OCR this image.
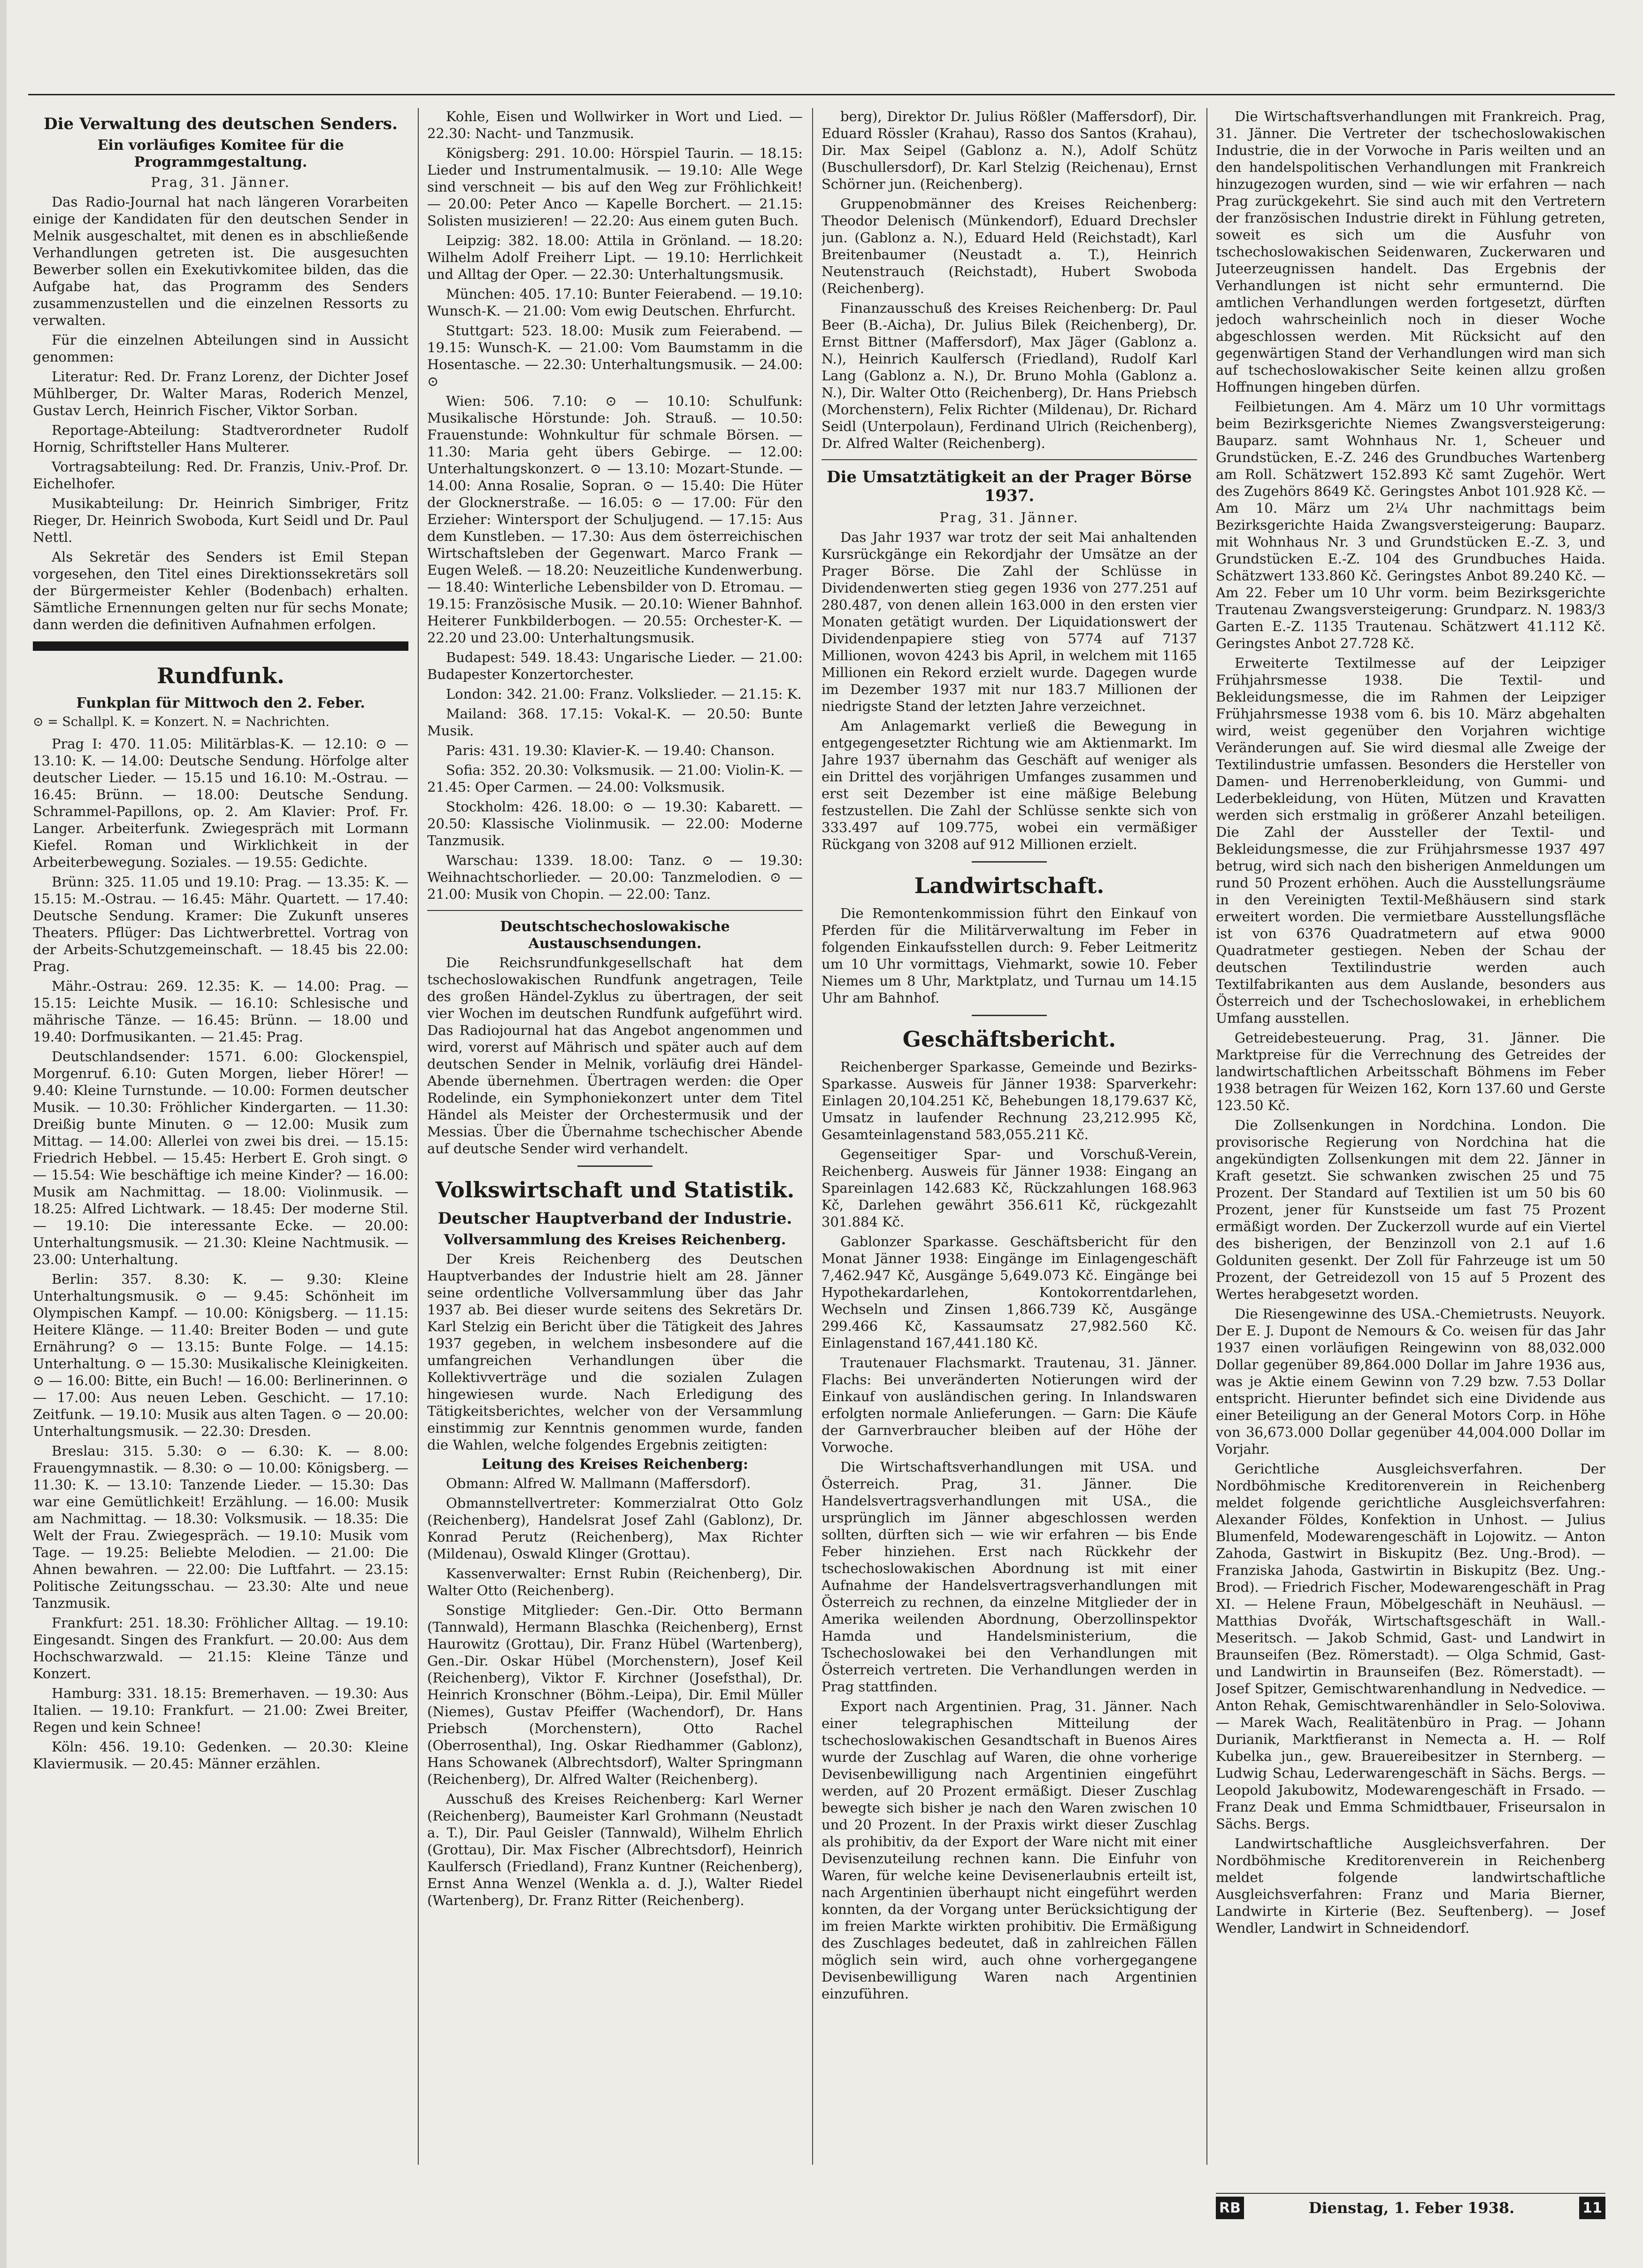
Die Verwaltung des deutschen Senders.
Ein vorläufiges Komitee für die Programmgestaltung.
Prag, 31. Jänner.

Das Radio-Journal hat nach längeren Vorarbeiten einige der Kandidaten für den deutschen Sender in Melnik ausgeschaltet, mit denen es in abschließende Verhandlungen getreten ist. Die ausgesuchten Bewerber sollen ein Exekutivkomitee bilden, das die Aufgabe hat, das Programm des Senders zusammenzustellen und die einzelnen Ressorts zu verwalten.

Für die einzelnen Abteilungen sind in Aussicht genommen:

Literatur: Red. Dr. Franz Lorenz, der Dichter Josef Mühlberger, Dr. Walter Maras, Roderich Menzel, Gustav Lerch, Heinrich Fischer, Viktor Sorban.

Reportage-Abteilung: Stadtverordneter Rudolf Hornig, Schriftsteller Hans Multerer.

Vortragsabteilung: Red. Dr. Franzis, Univ.-Prof. Dr. Eichelhofer.

Musikabteilung: Dr. Heinrich Simbriger, Fritz Rieger, Dr. Heinrich Swoboda, Kurt Seidl und Dr. Paul Nettl.

Als Sekretär des Senders ist Emil Stepan vorgesehen, den Titel eines Direktionssekretärs soll der Bürgermeister Kehler (Bodenbach) erhalten. Sämtliche Ernennungen gelten nur für sechs Monate; dann werden die definitiven Aufnahmen erfolgen.

Rundfunk.
Funkplan für Mittwoch den 2. Feber.
⊙ = Schallpl. K. = Konzert. N. = Nachrichten.

Prag I: 470. 11.05: Militärblas-K. — 12.10: ⊙ — 13.10: K. — 14.00: Deutsche Sendung. Hörfolge alter deutscher Lieder. — 15.15 und 16.10: M.-Ostrau. — 16.45: Brünn. — 18.00: Deutsche Sendung. Schrammel-Papillons, op. 2. Am Klavier: Prof. Fr. Langer. Arbeiterfunk. Zwiegespräch mit Lormann Kiefel. Roman und Wirklichkeit in der Arbeiterbewegung. Soziales. — 19.55: Gedichte.

Brünn: 325. 11.05 und 19.10: Prag. — 13.35: K. — 15.15: M.-Ostrau. — 16.45: Mähr. Quartett. — 17.40: Deutsche Sendung. Kramer: Die Zukunft unseres Theaters. Pflüger: Das Lichtwerbrettel. Vortrag von der Arbeits-Schutzgemeinschaft. — 18.45 bis 22.00: Prag.

Mähr.-Ostrau: 269. 12.35: K. — 14.00: Prag. — 15.15: Leichte Musik. — 16.10: Schlesische und mährische Tänze. — 16.45: Brünn. — 18.00 und 19.40: Dorfmusikanten. — 21.45: Prag.

Deutschlandsender: 1571. 6.00: Glockenspiel, Morgenruf. 6.10: Guten Morgen, lieber Hörer! — 9.40: Kleine Turnstunde. — 10.00: Formen deutscher Musik. — 10.30: Fröhlicher Kindergarten. — 11.30: Dreißig bunte Minuten. ⊙ — 12.00: Musik zum Mittag. — 14.00: Allerlei von zwei bis drei. — 15.15: Friedrich Hebbel. — 15.45: Herbert E. Groh singt. ⊙ — 15.54: Wie beschäftige ich meine Kinder? — 16.00: Musik am Nachmittag. — 18.00: Violinmusik. — 18.25: Alfred Lichtwark. — 18.45: Der moderne Stil. — 19.10: Die interessante Ecke. — 20.00: Unterhaltungsmusik. — 21.30: Kleine Nachtmusik. — 23.00: Unterhaltung.

Berlin: 357. 8.30: K. — 9.30: Kleine Unterhaltungsmusik. ⊙ — 9.45: Schönheit im Olympischen Kampf. — 10.00: Königsberg. — 11.15: Heitere Klänge. — 11.40: Breiter Boden — und gute Ernährung? ⊙ — 13.15: Bunte Folge. — 14.15: Unterhaltung. ⊙ — 15.30: Musikalische Kleinigkeiten. ⊙ — 16.00: Bitte, ein Buch! — 16.00: Berlinerinnen. ⊙ — 17.00: Aus neuen Leben. Geschicht. — 17.10: Zeitfunk. — 19.10: Musik aus alten Tagen. ⊙ — 20.00: Unterhaltungsmusik. — 22.30: Dresden.

Breslau: 315. 5.30: ⊙ — 6.30: K. — 8.00: Frauengymnastik. — 8.30: ⊙ — 10.00: Königsberg. — 11.30: K. — 13.10: Tanzende Lieder. — 15.30: Das war eine Gemütlichkeit! Erzählung. — 16.00: Musik am Nachmittag. — 18.30: Volksmusik. — 18.35: Die Welt der Frau. Zwiegespräch. — 19.10: Musik vom Tage. — 19.25: Beliebte Melodien. — 21.00: Die Ahnen bewahren. — 22.00: Die Luftfahrt. — 23.15: Politische Zeitungsschau. — 23.30: Alte und neue Tanzmusik.

Frankfurt: 251. 18.30: Fröhlicher Alltag. — 19.10: Eingesandt. Singen des Frankfurt. — 20.00: Aus dem Hochschwarzwald. — 21.15: Kleine Tänze und Konzert.

Hamburg: 331. 18.15: Bremerhaven. — 19.30: Aus Italien. — 19.10: Frankfurt. — 21.00: Zwei Breiter, Regen und kein Schnee!

Köln: 456. 19.10: Gedenken. — 20.30: Kleine Klaviermusik. — 20.45: Männer erzählen.

Kohle, Eisen und Wollwirker in Wort und Lied. — 22.30: Nacht- und Tanzmusik.

Königsberg: 291. 10.00: Hörspiel Taurin. — 18.15: Lieder und Instrumentalmusik. — 19.10: Alle Wege sind verschneit — bis auf den Weg zur Fröhlichkeit! — 20.00: Peter Anco — Kapelle Borchert. — 21.15: Solisten musizieren! — 22.20: Aus einem guten Buch.

Leipzig: 382. 18.00: Attila in Grönland. — 18.20: Wilhelm Adolf Freiherr Lipt. — 19.10: Herrlichkeit und Alltag der Oper. — 22.30: Unterhaltungsmusik.

München: 405. 17.10: Bunter Feierabend. — 19.10: Wunsch-K. — 21.00: Vom ewig Deutschen. Ehrfurcht.

Stuttgart: 523. 18.00: Musik zum Feierabend. — 19.15: Wunsch-K. — 21.00: Vom Baumstamm in die Hosentasche. — 22.30: Unterhaltungsmusik. — 24.00: ⊙

Wien: 506. 7.10: ⊙ — 10.10: Schulfunk: Musikalische Hörstunde: Joh. Strauß. — 10.50: Frauenstunde: Wohnkultur für schmale Börsen. — 11.30: Maria geht übers Gebirge. — 12.00: Unterhaltungskonzert. ⊙ — 13.10: Mozart-Stunde. — 14.00: Anna Rosalie, Sopran. ⊙ — 15.40: Die Hüter der Glocknerstraße. — 16.05: ⊙ — 17.00: Für den Erzieher: Wintersport der Schuljugend. — 17.15: Aus dem Kunstleben. — 17.30: Aus dem österreichischen Wirtschaftsleben der Gegenwart. Marco Frank — Eugen Weleß. — 18.20: Neuzeitliche Kundenwerbung. — 18.40: Winterliche Lebensbilder von D. Etromau. — 19.15: Französische Musik. — 20.10: Wiener Bahnhof. Heiterer Funkbilderbogen. — 20.55: Orchester-K. — 22.20 und 23.00: Unterhaltungsmusik.

Budapest: 549. 18.43: Ungarische Lieder. — 21.00: Budapester Konzertorchester.

London: 342. 21.00: Franz. Volkslieder. — 21.15: K.

Mailand: 368. 17.15: Vokal-K. — 20.50: Bunte Musik.

Paris: 431. 19.30: Klavier-K. — 19.40: Chanson.

Sofia: 352. 20.30: Volksmusik. — 21.00: Violin-K. — 21.45: Oper Carmen. — 24.00: Volksmusik.

Stockholm: 426. 18.00: ⊙ — 19.30: Kabarett. — 20.50: Klassische Violinmusik. — 22.00: Moderne Tanzmusik.

Warschau: 1339. 18.00: Tanz. ⊙ — 19.30: Weihnachtschorlieder. — 20.00: Tanzmelodien. ⊙ — 21.00: Musik von Chopin. — 22.00: Tanz.

Deutschtschechoslowakische Austauschsendungen.

Die Reichsrundfunkgesellschaft hat dem tschechoslowakischen Rundfunk angetragen, Teile des großen Händel-Zyklus zu übertragen, der seit vier Wochen im deutschen Rundfunk aufgeführt wird. Das Radiojournal hat das Angebot angenommen und wird, vorerst auf Mährisch und später auch auf dem deutschen Sender in Melnik, vorläufig drei Händel-Abende übernehmen. Übertragen werden: die Oper Rodelinde, ein Symphoniekonzert unter dem Titel Händel als Meister der Orchestermusik und der Messias. Über die Übernahme tschechischer Abende auf deutsche Sender wird verhandelt.

Volkswirtschaft und Statistik.
Deutscher Hauptverband der Industrie.
Vollversammlung des Kreises Reichenberg.

Der Kreis Reichenberg des Deutschen Hauptverbandes der Industrie hielt am 28. Jänner seine ordentliche Vollversammlung über das Jahr 1937 ab. Bei dieser wurde seitens des Sekretärs Dr. Karl Stelzig ein Bericht über die Tätigkeit des Jahres 1937 gegeben, in welchem insbesondere auf die umfangreichen Verhandlungen über die Kollektivverträge und die sozialen Zulagen hingewiesen wurde. Nach Erledigung des Tätigkeitsberichtes, welcher von der Versammlung einstimmig zur Kenntnis genommen wurde, fanden die Wahlen, welche folgendes Ergebnis zeitigten:

Leitung des Kreises Reichenberg:

Obmann: Alfred W. Mallmann (Maffersdorf).

Obmannstellvertreter: Kommerzialrat Otto Golz (Reichenberg), Handelsrat Josef Zahl (Gablonz), Dr. Konrad Perutz (Reichenberg), Max Richter (Mildenau), Oswald Klinger (Grottau).

Kassenverwalter: Ernst Rubin (Reichenberg), Dir. Walter Otto (Reichenberg).

Sonstige Mitglieder: Gen.-Dir. Otto Bermann (Tannwald), Hermann Blaschka (Reichenberg), Ernst Haurowitz (Grottau), Dir. Franz Hübel (Wartenberg), Gen.-Dir. Oskar Hübel (Morchenstern), Josef Keil (Reichenberg), Viktor F. Kirchner (Josefsthal), Dr. Heinrich Kronschner (Böhm.-Leipa), Dir. Emil Müller (Niemes), Gustav Pfeiffer (Wachendorf), Dr. Hans Priebsch (Morchenstern), Otto Rachel (Oberrosenthal), Ing. Oskar Riedhammer (Gablonz), Hans Schowanek (Albrechtsdorf), Walter Springmann (Reichenberg), Dr. Alfred Walter (Reichenberg).

Ausschuß des Kreises Reichenberg: Karl Werner (Reichenberg), Baumeister Karl Grohmann (Neustadt a. T.), Dir. Paul Geisler (Tannwald), Wilhelm Ehrlich (Grottau), Dir. Max Fischer (Albrechtsdorf), Heinrich Kaulfersch (Friedland), Franz Kuntner (Reichenberg), Ernst Anna Wenzel (Wenkla a. d. J.), Walter Riedel (Wartenberg), Dr. Franz Ritter (Reichenberg).

berg), Direktor Dr. Julius Rößler (Maffersdorf), Dir. Eduard Rössler (Krahau), Rasso dos Santos (Krahau), Dir. Max Seipel (Gablonz a. N.), Adolf Schütz (Buschullersdorf), Dr. Karl Stelzig (Reichenau), Ernst Schörner jun. (Reichenberg).

Gruppenobmänner des Kreises Reichenberg: Theodor Delenisch (Münkendorf), Eduard Drechsler jun. (Gablonz a. N.), Eduard Held (Reichstadt), Karl Breitenbaumer (Neustadt a. T.), Heinrich Neutenstrauch (Reichstadt), Hubert Swoboda (Reichenberg).

Finanzausschuß des Kreises Reichenberg: Dr. Paul Beer (B.-Aicha), Dr. Julius Bilek (Reichenberg), Dr. Ernst Bittner (Maffersdorf), Max Jäger (Gablonz a. N.), Heinrich Kaulfersch (Friedland), Rudolf Karl Lang (Gablonz a. N.), Dr. Bruno Mohla (Gablonz a. N.), Dir. Walter Otto (Reichenberg), Dr. Hans Priebsch (Morchenstern), Felix Richter (Mildenau), Dr. Richard Seidl (Unterpolaun), Ferdinand Ulrich (Reichenberg), Dr. Alfred Walter (Reichenberg).

Die Umsatztätigkeit an der Prager Börse 1937.
Prag, 31. Jänner.

Das Jahr 1937 war trotz der seit Mai anhaltenden Kursrückgänge ein Rekordjahr der Umsätze an der Prager Börse. Die Zahl der Schlüsse in Dividendenwerten stieg gegen 1936 von 277.251 auf 280.487, von denen allein 163.000 in den ersten vier Monaten getätigt wurden. Der Liquidationswert der Dividendenpapiere stieg von 5774 auf 7137 Millionen, wovon 4243 bis April, in welchem mit 1165 Millionen ein Rekord erzielt wurde. Dagegen wurde im Dezember 1937 mit nur 183.7 Millionen der niedrigste Stand der letzten Jahre verzeichnet.

Am Anlagemarkt verließ die Bewegung in entgegengesetzter Richtung wie am Aktienmarkt. Im Jahre 1937 übernahm das Geschäft auf weniger als ein Drittel des vorjährigen Umfanges zusammen und erst seit Dezember ist eine mäßige Belebung festzustellen. Die Zahl der Schlüsse senkte sich von 333.497 auf 109.775, wobei ein vermäßiger Rückgang von 3208 auf 912 Millionen erzielt.

Landwirtschaft.

Die Remontenkommission führt den Einkauf von Pferden für die Militärverwaltung im Feber in folgenden Einkaufsstellen durch: 9. Feber Leitmeritz um 10 Uhr vormittags, Viehmarkt, sowie 10. Feber Niemes um 8 Uhr, Marktplatz, und Turnau um 14.15 Uhr am Bahnhof.

Geschäftsbericht.

Reichenberger Sparkasse, Gemeinde und Bezirks-Sparkasse. Ausweis für Jänner 1938: Sparverkehr: Einlagen 20,104.251 Kč, Behebungen 18,179.637 Kč, Umsatz in laufender Rechnung 23,212.995 Kč, Gesamteinlagenstand 583,055.211 Kč.

Gegenseitiger Spar- und Vorschuß-Verein, Reichenberg. Ausweis für Jänner 1938: Eingang an Spareinlagen 142.683 Kč, Rückzahlungen 168.963 Kč, Darlehen gewährt 356.611 Kč, rückgezahlt 301.884 Kč.

Gablonzer Sparkasse. Geschäftsbericht für den Monat Jänner 1938: Eingänge im Einlagengeschäft 7,462.947 Kč, Ausgänge 5,649.073 Kč. Eingänge bei Hypothekardarlehen, Kontokorrentdarlehen, Wechseln und Zinsen 1,866.739 Kč, Ausgänge 299.466 Kč, Kassaumsatz 27,982.560 Kč. Einlagenstand 167,441.180 Kč.

Trautenauer Flachsmarkt. Trautenau, 31. Jänner. Flachs: Bei unveränderten Notierungen wird der Einkauf von ausländischen gering. In Inlandswaren erfolgten normale Anlieferungen. — Garn: Die Käufe der Garnverbraucher bleiben auf der Höhe der Vorwoche.

Die Wirtschaftsverhandlungen mit USA. und Österreich. Prag, 31. Jänner. Die Handelsvertragsverhandlungen mit USA., die ursprünglich im Jänner abgeschlossen werden sollten, dürften sich — wie wir erfahren — bis Ende Feber hinziehen. Erst nach Rückkehr der tschechoslowakischen Abordnung ist mit einer Aufnahme der Handelsvertragsverhandlungen mit Österreich zu rechnen, da einzelne Mitglieder der in Amerika weilenden Abordnung, Oberzollinspektor Hamda und Handelsministerium, die Tschechoslowakei bei den Verhandlungen mit Österreich vertreten. Die Verhandlungen werden in Prag stattfinden.

Export nach Argentinien. Prag, 31. Jänner. Nach einer telegraphischen Mitteilung der tschechoslowakischen Gesandtschaft in Buenos Aires wurde der Zuschlag auf Waren, die ohne vorherige Devisenbewilligung nach Argentinien eingeführt werden, auf 20 Prozent ermäßigt. Dieser Zuschlag bewegte sich bisher je nach den Waren zwischen 10 und 20 Prozent. In der Praxis wirkt dieser Zuschlag als prohibitiv, da der Export der Ware nicht mit einer Devisenzuteilung rechnen kann. Die Einfuhr von Waren, für welche keine Devisenerlaubnis erteilt ist, nach Argentinien überhaupt nicht eingeführt werden konnten, da der Vorgang unter Berücksichtigung der im freien Markte wirkten prohibitiv. Die Ermäßigung des Zuschlages bedeutet, daß in zahlreichen Fällen möglich sein wird, auch ohne vorhergegangene Devisenbewilligung Waren nach Argentinien einzuführen.

Die Wirtschaftsverhandlungen mit Frankreich. Prag, 31. Jänner. Die Vertreter der tschechoslowakischen Industrie, die in der Vorwoche in Paris weilten und an den handelspolitischen Verhandlungen mit Frankreich hinzugezogen wurden, sind — wie wir erfahren — nach Prag zurückgekehrt. Sie sind auch mit den Vertretern der französischen Industrie direkt in Fühlung getreten, soweit es sich um die Ausfuhr von tschechoslowakischen Seidenwaren, Zuckerwaren und Juteerzeugnissen handelt. Das Ergebnis der Verhandlungen ist nicht sehr ermunternd. Die amtlichen Verhandlungen werden fortgesetzt, dürften jedoch wahrscheinlich noch in dieser Woche abgeschlossen werden. Mit Rücksicht auf den gegenwärtigen Stand der Verhandlungen wird man sich auf tschechoslowakischer Seite keinen allzu großen Hoffnungen hingeben dürfen.

Feilbietungen. Am 4. März um 10 Uhr vormittags beim Bezirksgerichte Niemes Zwangsversteigerung: Bauparz. samt Wohnhaus Nr. 1, Scheuer und Grundstücken, E.-Z. 246 des Grundbuches Wartenberg am Roll. Schätzwert 152.893 Kč samt Zugehör. Wert des Zugehörs 8649 Kč. Geringstes Anbot 101.928 Kč. — Am 10. März um 2¼ Uhr nachmittags beim Bezirksgerichte Haida Zwangsversteigerung: Bauparz. mit Wohnhaus Nr. 3 und Grundstücken E.-Z. 3, und Grundstücken E.-Z. 104 des Grundbuches Haida. Schätzwert 133.860 Kč. Geringstes Anbot 89.240 Kč. — Am 22. Feber um 10 Uhr vorm. beim Bezirksgerichte Trautenau Zwangsversteigerung: Grundparz. N. 1983/3 Garten E.-Z. 1135 Trautenau. Schätzwert 41.112 Kč. Geringstes Anbot 27.728 Kč.

Erweiterte Textilmesse auf der Leipziger Frühjahrsmesse 1938. Die Textil- und Bekleidungsmesse, die im Rahmen der Leipziger Frühjahrsmesse 1938 vom 6. bis 10. März abgehalten wird, weist gegenüber den Vorjahren wichtige Veränderungen auf. Sie wird diesmal alle Zweige der Textilindustrie umfassen. Besonders die Hersteller von Damen- und Herrenoberkleidung, von Gummi- und Lederbekleidung, von Hüten, Mützen und Kravatten werden sich erstmalig in größerer Anzahl beteiligen. Die Zahl der Aussteller der Textil- und Bekleidungsmesse, die zur Frühjahrsmesse 1937 497 betrug, wird sich nach den bisherigen Anmeldungen um rund 50 Prozent erhöhen. Auch die Ausstellungsräume in den Vereinigten Textil-Meßhäusern sind stark erweitert worden. Die vermietbare Ausstellungsfläche ist von 6376 Quadratmetern auf etwa 9000 Quadratmeter gestiegen. Neben der Schau der deutschen Textilindustrie werden auch Textilfabrikanten aus dem Auslande, besonders aus Österreich und der Tschechoslowakei, in erheblichem Umfang ausstellen.

Getreidebesteuerung. Prag, 31. Jänner. Die Marktpreise für die Verrechnung des Getreides der landwirtschaftlichen Arbeitsschaft Böhmens im Feber 1938 betragen für Weizen 162, Korn 137.60 und Gerste 123.50 Kč.

Die Zollsenkungen in Nordchina. London. Die provisorische Regierung von Nordchina hat die angekündigten Zollsenkungen mit dem 22. Jänner in Kraft gesetzt. Sie schwanken zwischen 25 und 75 Prozent. Der Standard auf Textilien ist um 50 bis 60 Prozent, jener für Kunstseide um fast 75 Prozent ermäßigt worden. Der Zuckerzoll wurde auf ein Viertel des bisherigen, der Benzinzoll von 2.1 auf 1.6 Golduniten gesenkt. Der Zoll für Fahrzeuge ist um 50 Prozent, der Getreidezoll von 15 auf 5 Prozent des Wertes herabgesetzt worden.

Die Riesengewinne des USA.-Chemietrusts. Neuyork. Der E. J. Dupont de Nemours & Co. weisen für das Jahr 1937 einen vorläufigen Reingewinn von 88,032.000 Dollar gegenüber 89,864.000 Dollar im Jahre 1936 aus, was je Aktie einem Gewinn von 7.29 bzw. 7.53 Dollar entspricht. Hierunter befindet sich eine Dividende aus einer Beteiligung an der General Motors Corp. in Höhe von 36,673.000 Dollar gegenüber 44,004.000 Dollar im Vorjahr.

Gerichtliche Ausgleichsverfahren. Der Nordböhmische Kreditorenverein in Reichenberg meldet folgende gerichtliche Ausgleichsverfahren: Alexander Földes, Konfektion in Unhost. — Julius Blumenfeld, Modewarengeschäft in Lojowitz. — Anton Zahoda, Gastwirt in Biskupitz (Bez. Ung.-Brod). — Franziska Jahoda, Gastwirtin in Biskupitz (Bez. Ung.-Brod). — Friedrich Fischer, Modewarengeschäft in Prag XI. — Helene Fraun, Möbelgeschäft in Neuhäusl. — Matthias Dvořák, Wirtschaftsgeschäft in Wall.-Meseritsch. — Jakob Schmid, Gast- und Landwirt in Braunseifen (Bez. Römerstadt). — Olga Schmid, Gast- und Landwirtin in Braunseifen (Bez. Römerstadt). — Josef Spitzer, Gemischtwarenhandlung in Nedvedice. — Anton Rehak, Gemischtwarenhändler in Selo-Soloviwa. — Marek Wach, Realitätenbüro in Prag. — Johann Durianik, Marktfieranst in Nemecta a. H. — Rolf Kubelka jun., gew. Brauereibesitzer in Sternberg. — Ludwig Schau, Lederwarengeschäft in Sächs. Bergs. — Leopold Jakubowitz, Modewarengeschäft in Frsado. — Franz Deak und Emma Schmidtbauer, Friseursalon in Sächs. Bergs.

Landwirtschaftliche Ausgleichsverfahren. Der Nordböhmische Kreditorenverein in Reichenberg meldet folgende landwirtschaftliche Ausgleichsverfahren: Franz und Maria Bierner, Landwirte in Kirterie (Bez. Seuftenberg). — Josef Wendler, Landwirt in Schneidendorf.

RB	Dienstag, 1. Feber 1938.	11
